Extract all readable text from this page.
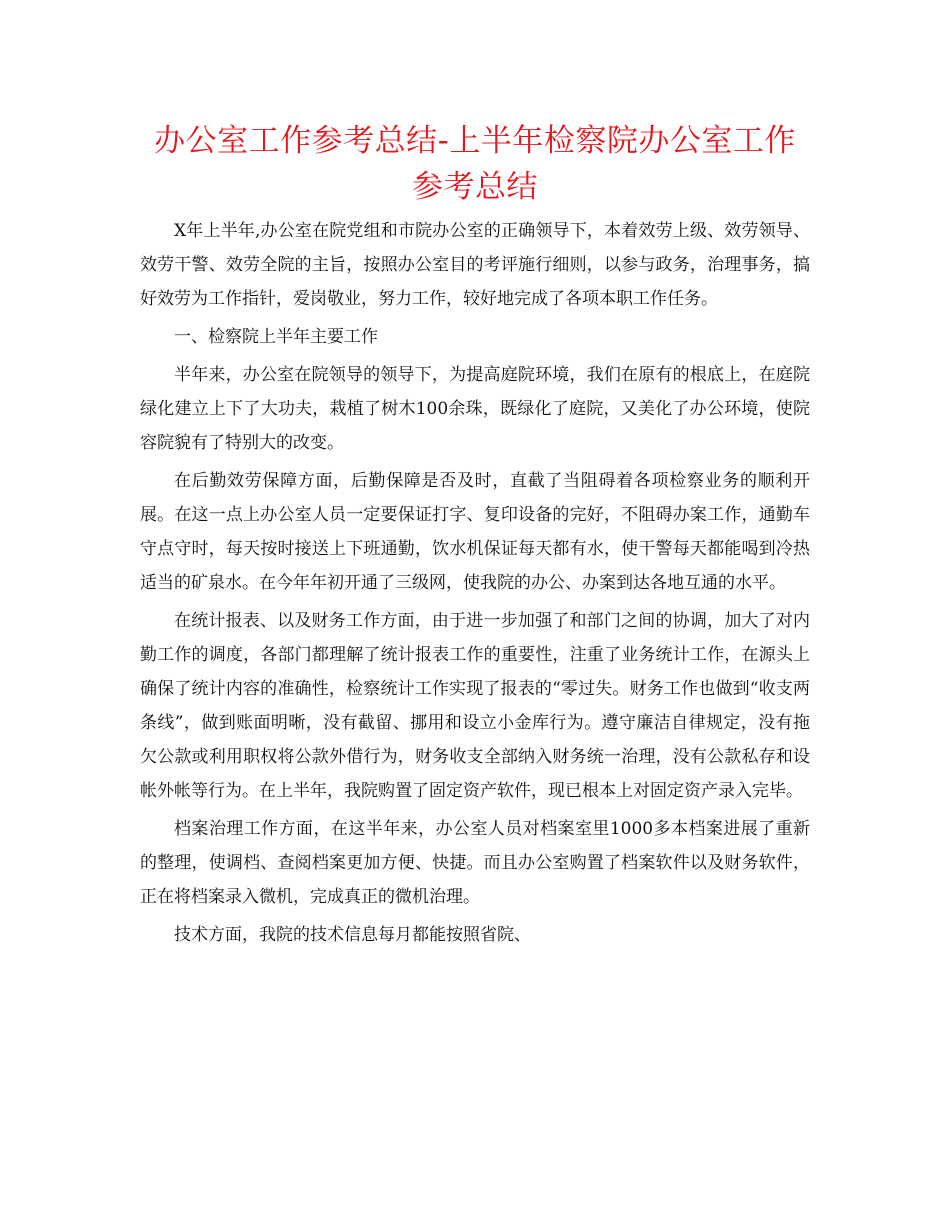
办公室工作参考总结-上半年检察院办公室工作参考总结

X年上半年,办公室在院党组和市院办公室的正确领导下，本着效劳上级、效劳领导、效劳干警、效劳全院的主旨，按照办公室目的考评施行细则，以参与政务，治理事务，搞好效劳为工作指针，爱岗敬业，努力工作，较好地完成了各项本职工作任务。

一、检察院上半年主要工作

半年来，办公室在院领导的领导下，为提高庭院环境，我们在原有的根底上，在庭院绿化建立上下了大功夫，栽植了树木100余珠，既绿化了庭院，又美化了办公环境，使院容院貌有了特别大的改变。

在后勤效劳保障方面，后勤保障是否及时，直截了当阻碍着各项检察业务的顺利开展。在这一点上办公室人员一定要保证打字、复印设备的完好，不阻碍办案工作，通勤车守点守时，每天按时接送上下班通勤，饮水机保证每天都有水，使干警每天都能喝到冷热适当的矿泉水。在今年年初开通了三级网，使我院的办公、办案到达各地互通的水平。

在统计报表、以及财务工作方面，由于进一步加强了和部门之间的协调，加大了对内勤工作的调度，各部门都理解了统计报表工作的重要性，注重了业务统计工作，在源头上确保了统计内容的准确性，检察统计工作实现了报表的“零过失。财务工作也做到“收支两条线”，做到账面明晰，没有截留、挪用和设立小金库行为。遵守廉洁自律规定，没有拖欠公款或利用职权将公款外借行为，财务收支全部纳入财务统一治理，没有公款私存和设帐外帐等行为。在上半年，我院购置了固定资产软件，现已根本上对固定资产录入完毕。

档案治理工作方面，在这半年来，办公室人员对档案室里1000多本档案进展了重新的整理，使调档、查阅档案更加方便、快捷。而且办公室购置了档案软件以及财务软件，正在将档案录入微机，完成真正的微机治理。

技术方面，我院的技术信息每月都能按照省院、
